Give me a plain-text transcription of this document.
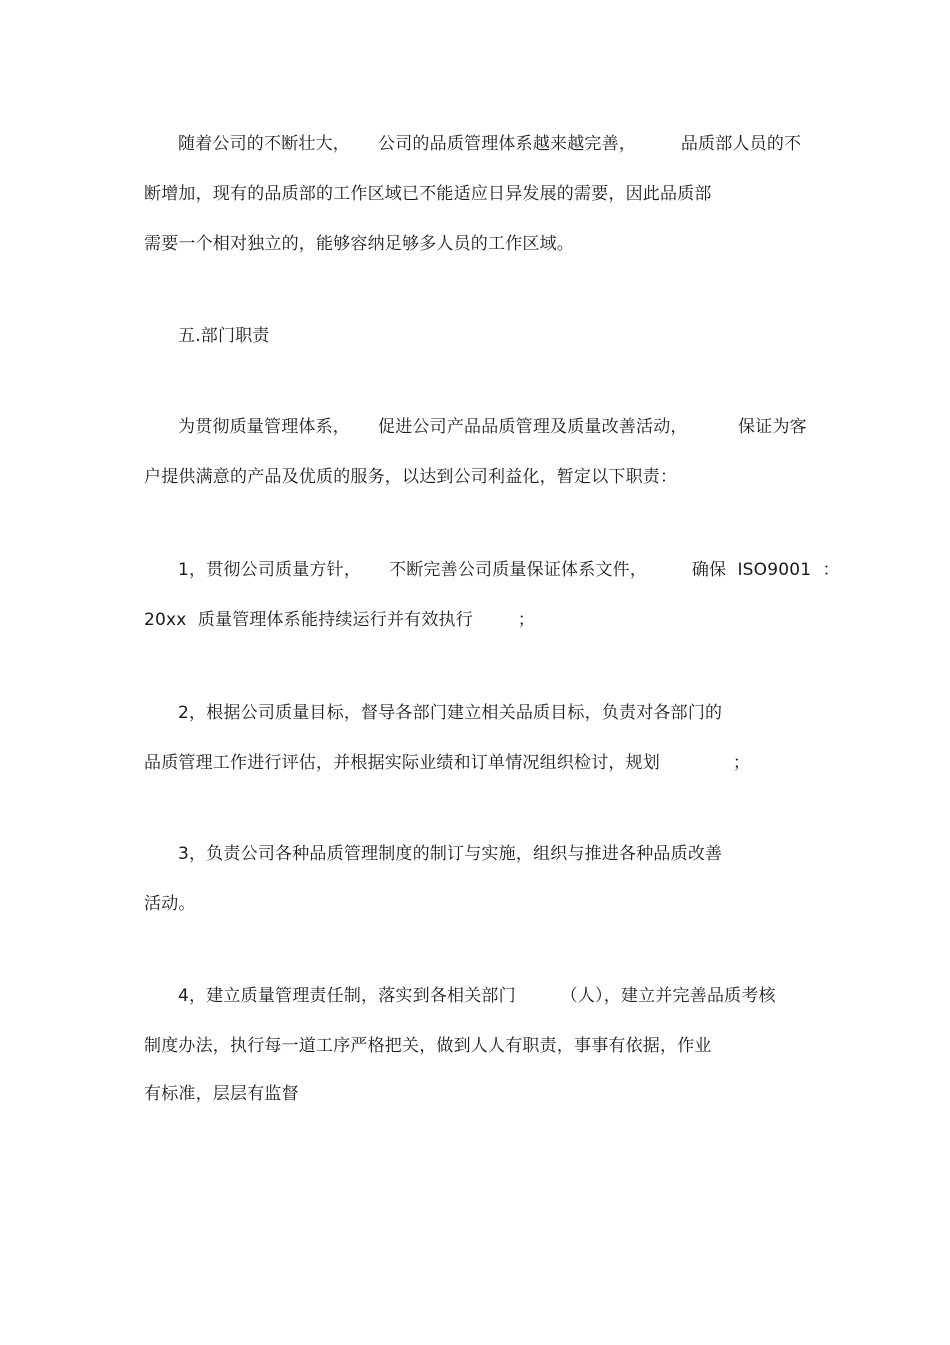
随着公司的不断壮大，     公司的品质管理体系越来越完善，        品质部人员的不
断增加，现有的品质部的工作区域已不能适应日异发展的需要，因此品质部
需要一个相对独立的，能够容纳足够多人员的工作区域。
五.部门职责
为贯彻质量管理体系，     促进公司产品品质管理及质量改善活动，         保证为客
户提供满意的产品及优质的服务，以达到公司利益化，暂定以下职责：
1，贯彻公司质量方针，     不断完善公司质量保证体系文件，        确保  ISO9001  ：
20xx  质量管理体系能持续运行并有效执行        ；
2，根据公司质量目标，督导各部门建立相关品质目标，负责对各部门的
品质管理工作进行评估，并根据实际业绩和订单情况组织检讨，规划             ；
3，负责公司各种品质管理制度的制订与实施，组织与推进各种品质改善
活动。
4，建立质量管理责任制，落实到各相关部门        （人），建立并完善品质考核
制度办法，执行每一道工序严格把关，做到人人有职责，事事有依据，作业
有标准，层层有监督
